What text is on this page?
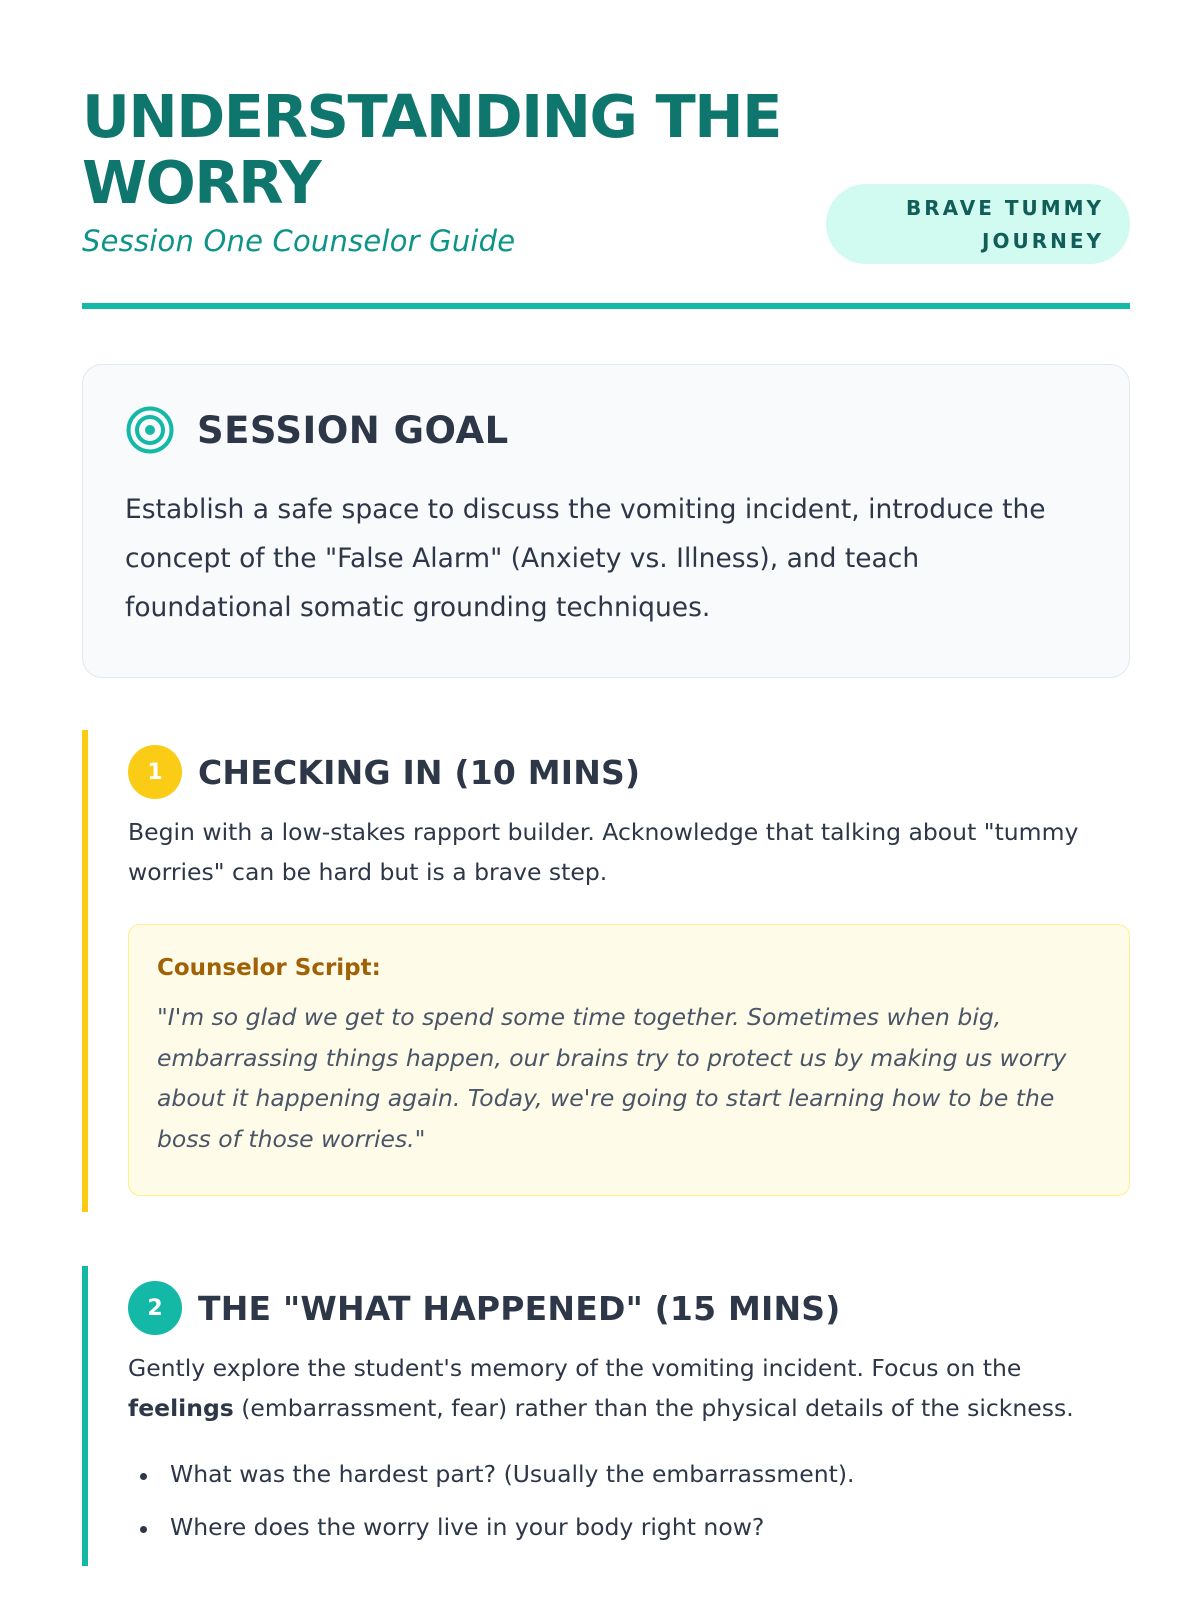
UNDERSTANDING THE WORRY
Session One Counselor Guide
BRAVE TUMMY
JOURNEY
SESSION GOAL

Establish a safe space to discuss the vomiting incident, introduce the concept of the "False Alarm" (Anxiety vs. Illness), and teach foundational somatic grounding techniques.

1	CHECKING IN (10 MINS)

Begin with a low-stakes rapport builder. Acknowledge that talking about "tummy worries" can be hard but is a brave step.

Counselor Script:

"I'm so glad we get to spend some time together. Sometimes when big, embarrassing things happen, our brains try to protect us by making us worry about it happening again. Today, we're going to start learning how to be the boss of those worries."

2	THE "WHAT HAPPENED" (15 MINS)

Gently explore the student's memory of the vomiting incident. Focus on the feelings (embarrassment, fear) rather than the physical details of the sickness.

What was the hardest part? (Usually the embarrassment).
Where does the worry live in your body right now?
